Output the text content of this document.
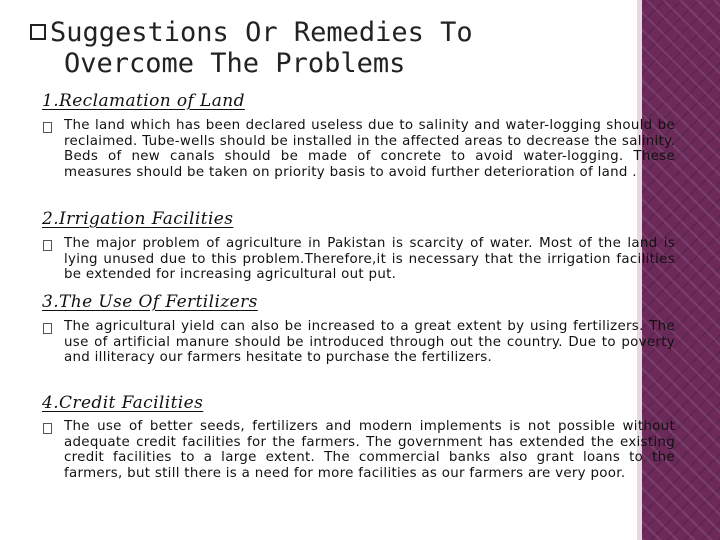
Suggestions Or Remedies To
Overcome The Problems
1.Reclamation of Land
The land which has been declared useless due to salinity and water-logging should be reclaimed. Tube-wells should be installed in the affected areas to decrease the salinity. Beds of new canals should be made of concrete to avoid water-logging. These measures should be taken on priority basis to avoid further deterioration of land .
2.Irrigation Facilities
The major problem of agriculture in Pakistan is scarcity of water. Most of the land is lying unused due to this problem.Therefore,it is necessary that the irrigation facilities be extended for increasing agricultural out put.
3.The Use Of Fertilizers
The agricultural yield can also be increased to a great extent by using fertilizers. The use of artificial manure should be introduced through out the country. Due to poverty and illiteracy our farmers hesitate to purchase the fertilizers.
4.Credit Facilities
The use of better seeds, fertilizers and modern implements is not possible without adequate credit facilities for the farmers. The government has extended the existing credit facilities to a large extent. The commercial banks also grant loans to the farmers, but still there is a need for more facilities as our farmers are very poor.
